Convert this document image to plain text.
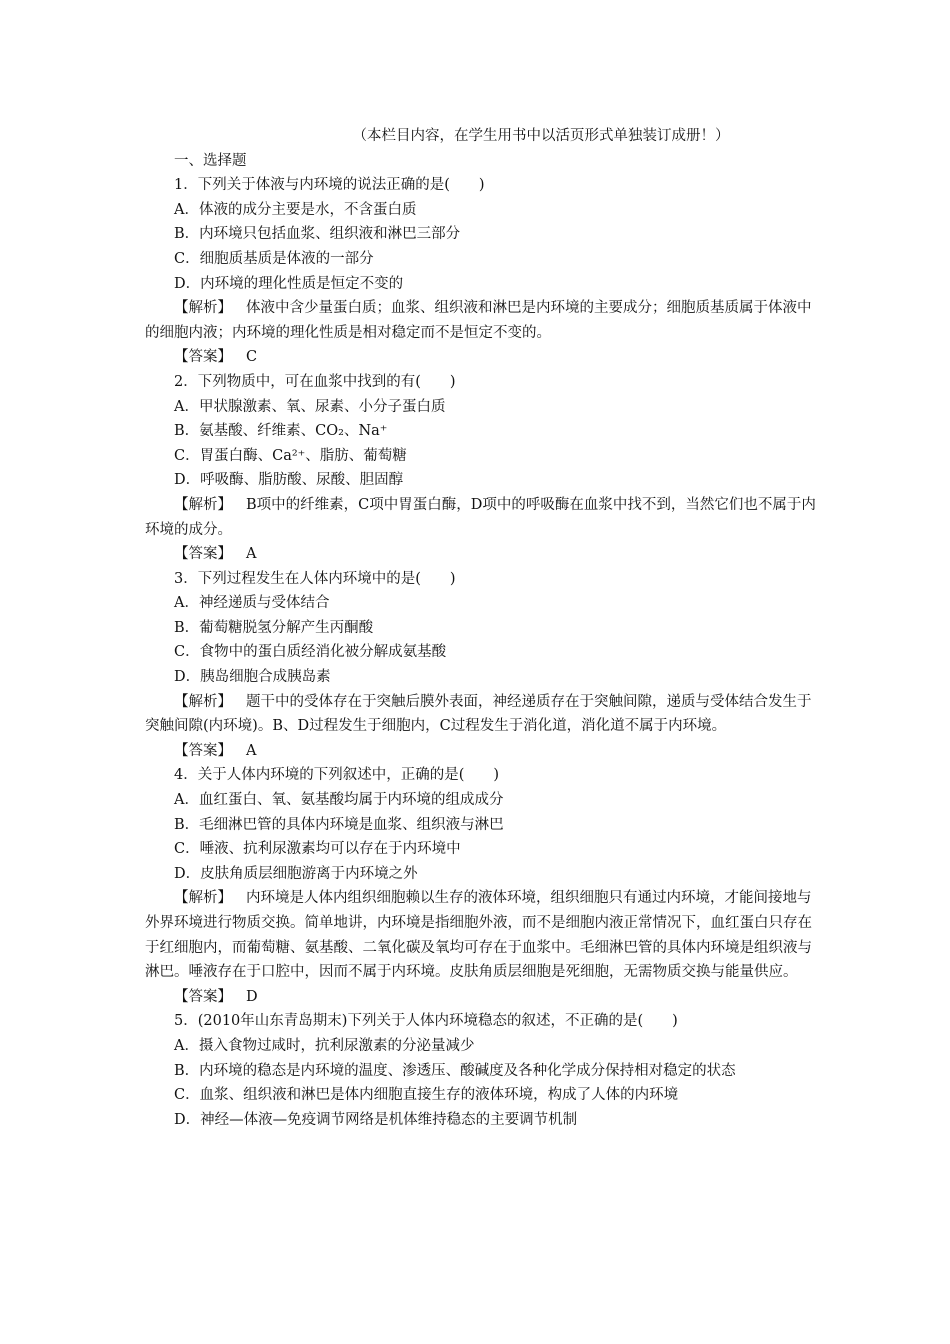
（本栏目内容，在学生用书中以活页形式单独装订成册！）
一、选择题
1．下列关于体液与内环境的说法正确的是(　　)
A．体液的成分主要是水，不含蛋白质
B．内环境只包括血浆、组织液和淋巴三部分
C．细胞质基质是体液的一部分
D．内环境的理化性质是恒定不变的
【解析】 体液中含少量蛋白质；血浆、组织液和淋巴是内环境的主要成分；细胞质基质属于体液中的细胞内液；内环境的理化性质是相对稳定而不是恒定不变的。
【答案】 C
2．下列物质中，可在血浆中找到的有(　　)
A．甲状腺激素、氧、尿素、小分子蛋白质
B．氨基酸、纤维素、CO₂、Na⁺
C．胃蛋白酶、Ca²⁺、脂肪、葡萄糖
D．呼吸酶、脂肪酸、尿酸、胆固醇
【解析】 B项中的纤维素，C项中胃蛋白酶，D项中的呼吸酶在血浆中找不到，当然它们也不属于内环境的成分。
【答案】 A
3．下列过程发生在人体内环境中的是(　　)
A．神经递质与受体结合
B．葡萄糖脱氢分解产生丙酮酸
C．食物中的蛋白质经消化被分解成氨基酸
D．胰岛细胞合成胰岛素
【解析】 题干中的受体存在于突触后膜外表面，神经递质存在于突触间隙，递质与受体结合发生于突触间隙(内环境)。B、D过程发生于细胞内，C过程发生于消化道，消化道不属于内环境。
【答案】 A
4．关于人体内环境的下列叙述中，正确的是(　　)
A．血红蛋白、氧、氨基酸均属于内环境的组成成分
B．毛细淋巴管的具体内环境是血浆、组织液与淋巴
C．唾液、抗利尿激素均可以存在于内环境中
D．皮肤角质层细胞游离于内环境之外
【解析】 内环境是人体内组织细胞赖以生存的液体环境，组织细胞只有通过内环境，才能间接地与外界环境进行物质交换。简单地讲，内环境是指细胞外液，而不是细胞内液正常情况下，血红蛋白只存在于红细胞内，而葡萄糖、氨基酸、二氧化碳及氧均可存在于血浆中。毛细淋巴管的具体内环境是组织液与淋巴。唾液存在于口腔中，因而不属于内环境。皮肤角质层细胞是死细胞，无需物质交换与能量供应。
【答案】 D
5．(2010年山东青岛期末)下列关于人体内环境稳态的叙述，不正确的是(　　)
A．摄入食物过咸时，抗利尿激素的分泌量减少
B．内环境的稳态是内环境的温度、渗透压、酸碱度及各种化学成分保持相对稳定的状态
C．血浆、组织液和淋巴是体内细胞直接生存的液体环境，构成了人体的内环境
D．神经—体液—免疫调节网络是机体维持稳态的主要调节机制
